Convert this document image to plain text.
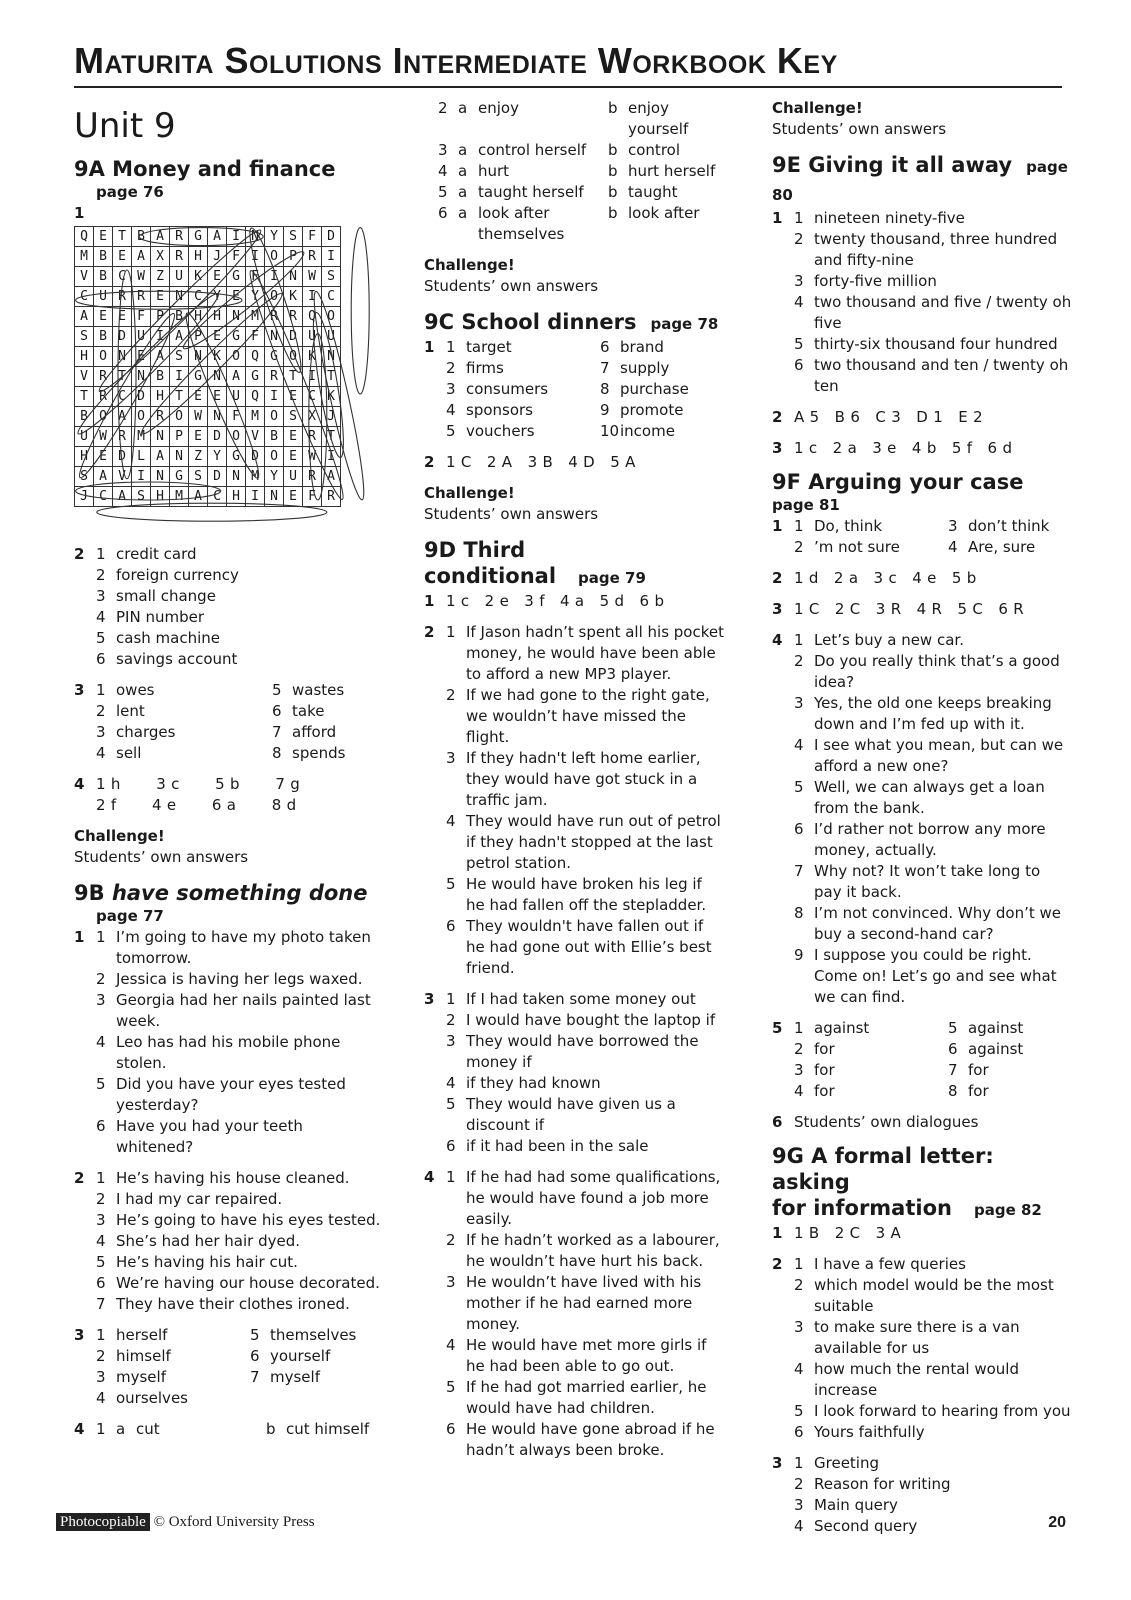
Maturita Solutions Intermediate Workbook Key
Unit 9
9A Money and finance
page 76
1
Q	E	T	B	A	R	G	A	I	N	Y	S	F	D
M	B	E	A	X	R	H	J	F	I	O	P	R	I
V	B	C	W	Z	U	K	E	G	F	I	N	W	S
C	U	R	R	E	N	C	Y	E	Y	O	K	I	C
A	E	E	F	P	B	H	H	N	M	R	R	Q	O
S	B	D	U	I	A	P	E	G	F	N	D	U	U
H	O	N	E	A	S	N	K	O	Q	G	O	K	N
V	R	T	N	B	I	G	N	A	G	R	T	I	T
T	R	C	D	H	T	E	E	U	Q	I	E	C	K
B	O	A	O	R	O	W	N	F	M	O	S	X	J
U	W	R	M	N	P	E	D	O	V	B	E	R	T
H	E	D	L	A	N	Z	Y	G	D	O	E	W	I
S	A	V	I	N	G	S	D	N	M	Y	U	R	A
J	C	A	S	H	M	A	C	H	I	N	E	F	R
2 1 credit card
2 foreign currency
3 small change
4 PIN number
5 cash machine
6 savings account
3 1 owes	5 wastes
2 lent	6 take
3 charges	7 afford
4 sell	8 spends
4 1 h       3 c       5 b       7 g
2 f       4 e       6 a       8 d
Challenge!
Students’ own answers
9B have something done
page 77
1 1 I’m going to have my photo taken tomorrow.
2 Jessica is having her legs waxed.
3 Georgia had her nails painted last week.
4 Leo has had his mobile phone stolen.
5 Did you have your eyes tested yesterday?
6 Have you had your teeth whitened?
2 1 He’s having his house cleaned.
2 I had my car repaired.
3 He’s going to have his eyes tested.
4 She’s had her hair dyed.
5 He’s having his hair cut.
6 We’re having our house decorated.
7 They have their clothes ironed.
3 1 herself	5 themselves
2 himself	6 yourself
3 myself	7 myself
4 ourselves
4 1 a cut	b cut himself
2 a enjoy	b enjoy yourself
3 a control herself	b control
4 a hurt	b hurt herself
5 a taught herself	b taught
6 a look after themselves
b look after
Challenge!
Students’ own answers
9C School dinners page 78
1 1 target	6 brand
2 firms	7 supply
3 consumers	8 purchase
4 sponsors	9 promote
5 vouchers	10 income
2 1 C   2 A   3 B   4 D   5 A
Challenge!
Students’ own answers
9D Third conditional page 79
1 1 c   2 e   3 f   4 a   5 d   6 b
2 1 If Jason hadn’t spent all his pocket money, he would have been able to afford a new MP3 player.
2 If we had gone to the right gate, we wouldn’t have missed the flight.
3 If they hadn't left home earlier, they would have got stuck in a traffic jam.
4 They would have run out of petrol if they hadn't stopped at the last petrol station.
5 He would have broken his leg if he had fallen off the stepladder.
6 They wouldn't have fallen out if he had gone out with Ellie’s best friend.
3 1 If I had taken some money out
2 I would have bought the laptop if
3 They would have borrowed the money if
4 if they had known
5 They would have given us a discount if
6 if it had been in the sale
4 1 If he had had some qualifications, he would have found a job more easily.
2 If he hadn’t worked as a labourer, he wouldn’t have hurt his back.
3 He wouldn’t have lived with his mother if he had earned more money.
4 He would have met more girls if he had been able to go out.
5 If he had got married earlier, he would have had children.
6 He would have gone abroad if he hadn’t always been broke.
Challenge!
Students’ own answers
9E Giving it all away page 80
1 1 nineteen ninety-five
2 twenty thousand, three hundred and fifty-nine
3 forty-five million
4 two thousand and five / twenty oh five
5 thirty-six thousand four hundred
6 two thousand and ten / twenty oh ten
2 A 5   B 6   C 3   D 1   E 2
3 1 c   2 a   3 e   4 b   5 f   6 d
9F Arguing your case
page 81
1 1 Do, think	3 don’t think
2 ’m not sure	4 Are, sure
2 1 d   2 a   3 c   4 e   5 b
3 1 C   2 C   3 R   4 R   5 C   6 R
4 1 Let’s buy a new car.
2 Do you really think that’s a good idea?
3 Yes, the old one keeps breaking down and I’m fed up with it.
4 I see what you mean, but can we afford a new one?
5 Well, we can always get a loan from the bank.
6 I’d rather not borrow any more money, actually.
7 Why not? It won’t take long to pay it back.
8 I’m not convinced. Why don’t we buy a second-hand car?
9 I suppose you could be right. Come on! Let’s go and see what we can find.
5 1 against	5 against
2 for	6 against
3 for	7 for
4 for	8 for
6 Students’ own dialogues
9G A formal letter: asking
for information page 82
1 1 B   2 C   3 A
2 1 I have a few queries
2 which model would be the most suitable
3 to make sure there is a van available for us
4 how much the rental would increase
5 I look forward to hearing from you
6 Yours faithfully
3 1 Greeting
2 Reason for writing
3 Main query
4 Second query
Photocopiable © Oxford University Press	20
